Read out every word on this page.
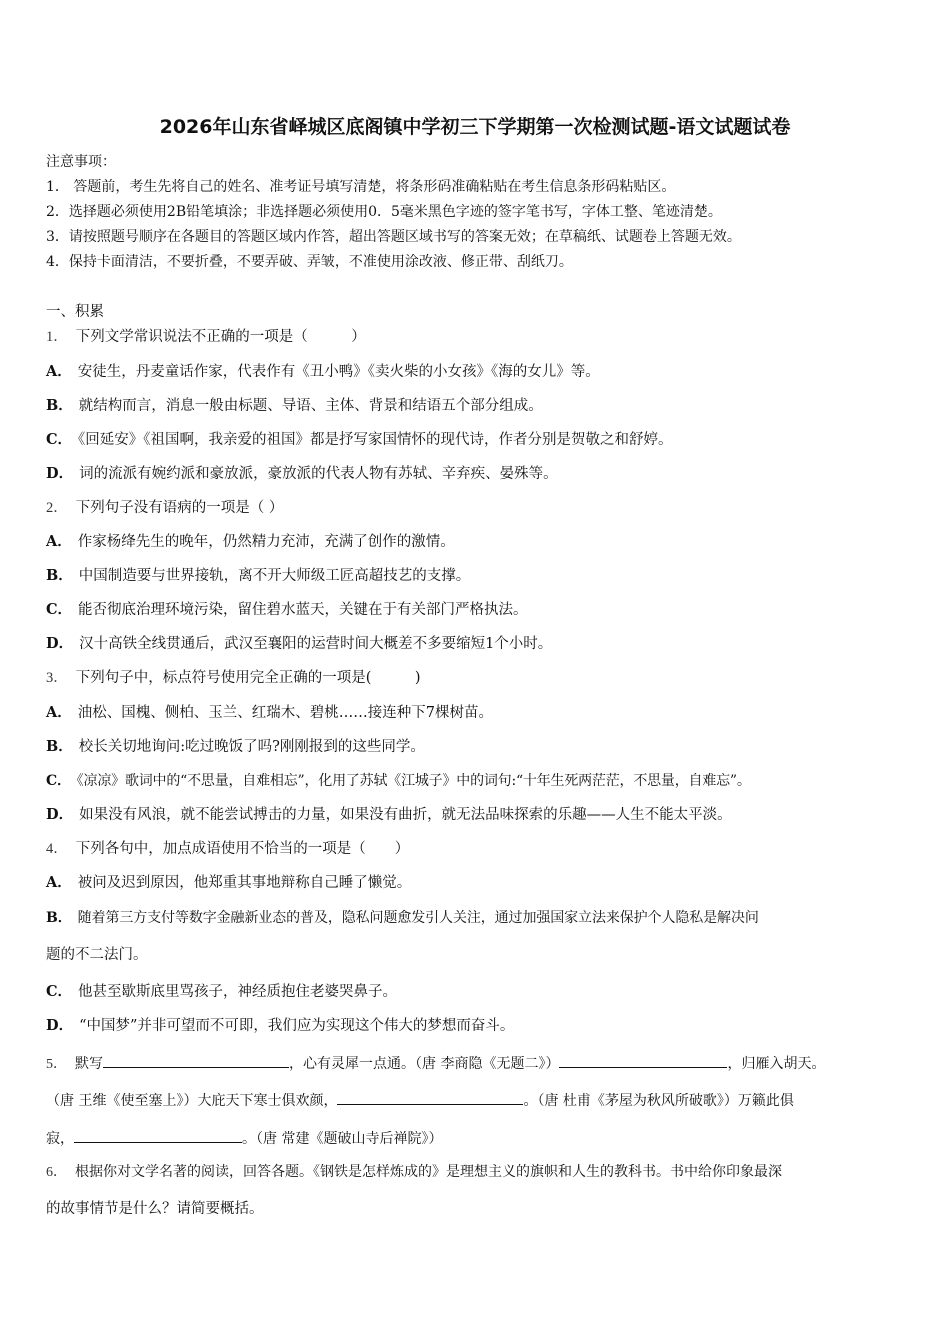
2026年山东省峄城区底阁镇中学初三下学期第一次检测试题-语文试题试卷
注意事项：
1． 答题前，考生先将自己的姓名、准考证号填写清楚，将条形码准确粘贴在考生信息条形码粘贴区。
2．选择题必须使用2B铅笔填涂；非选择题必须使用0．5毫米黑色字迹的签字笔书写，字体工整、笔迹清楚。
3．请按照题号顺序在各题目的答题区域内作答，超出答题区域书写的答案无效；在草稿纸、试题卷上答题无效。
4．保持卡面清洁，不要折叠，不要弄破、弄皱，不准使用涂改液、修正带、刮纸刀。
一、积累
1． 下列文学常识说法不正确的一项是（　　　）
A． 安徒生，丹麦童话作家，代表作有《丑小鸭》《卖火柴的小女孩》《海的女儿》等。
B． 就结构而言，消息一般由标题、导语、主体、背景和结语五个部分组成。
C． 《回延安》《祖国啊，我亲爱的祖国》都是抒写家国情怀的现代诗，作者分别是贺敬之和舒婷。
D． 词的流派有婉约派和豪放派，豪放派的代表人物有苏轼、辛弃疾、晏殊等。
2． 下列句子没有语病的一项是（ ）
A． 作家杨绛先生的晚年，仍然精力充沛，充满了创作的激情。
B． 中国制造要与世界接轨，离不开大师级工匠高超技艺的支撑。
C． 能否彻底治理环境污染，留住碧水蓝天，关键在于有关部门严格执法。
D． 汉十高铁全线贯通后，武汉至襄阳的运营时间大概差不多要缩短1个小时。
3． 下列句子中，标点符号使用完全正确的一项是(　　　)
A． 油松、国槐、侧柏、玉兰、红瑞木、碧桃……接连种下7棵树苗。
B． 校长关切地询问:吃过晚饭了吗?刚刚报到的这些同学。
C． 《凉凉》歌词中的“不思量，自难相忘”，化用了苏轼《江城子》中的词句:“十年生死两茫茫，不思量，自难忘”。
D． 如果没有风浪，就不能尝试搏击的力量，如果没有曲折，就无法品味探索的乐趣——人生不能太平淡。
4． 下列各句中，加点成语使用不恰当的一项是（　　）
A． 被问及迟到原因，他郑重其事地辩称自己睡了懒觉。
B． 随着第三方支付等数字金融新业态的普及，隐私问题愈发引人关注，通过加强国家立法来保护个人隐私是解决问
题的不二法门。
C． 他甚至歇斯底里骂孩子，神经质抱住老婆哭鼻子。
D． “中国梦”并非可望而不可即，我们应为实现这个伟大的梦想而奋斗。
5． 默写	，心有灵犀一点通。（唐 李商隐《无题二》）	，归雁入胡天。
（唐 王维《使至塞上》）大庇天下寒士俱欢颜，	。（唐 杜甫《茅屋为秋风所破歌》）万籁此俱
寂，	。（唐 常建《题破山寺后禅院》）
6． 根据你对文学名著的阅读，回答各题。《钢铁是怎样炼成的》是理想主义的旗帜和人生的教科书。书中给你印象最深
的故事情节是什么？请简要概括。
